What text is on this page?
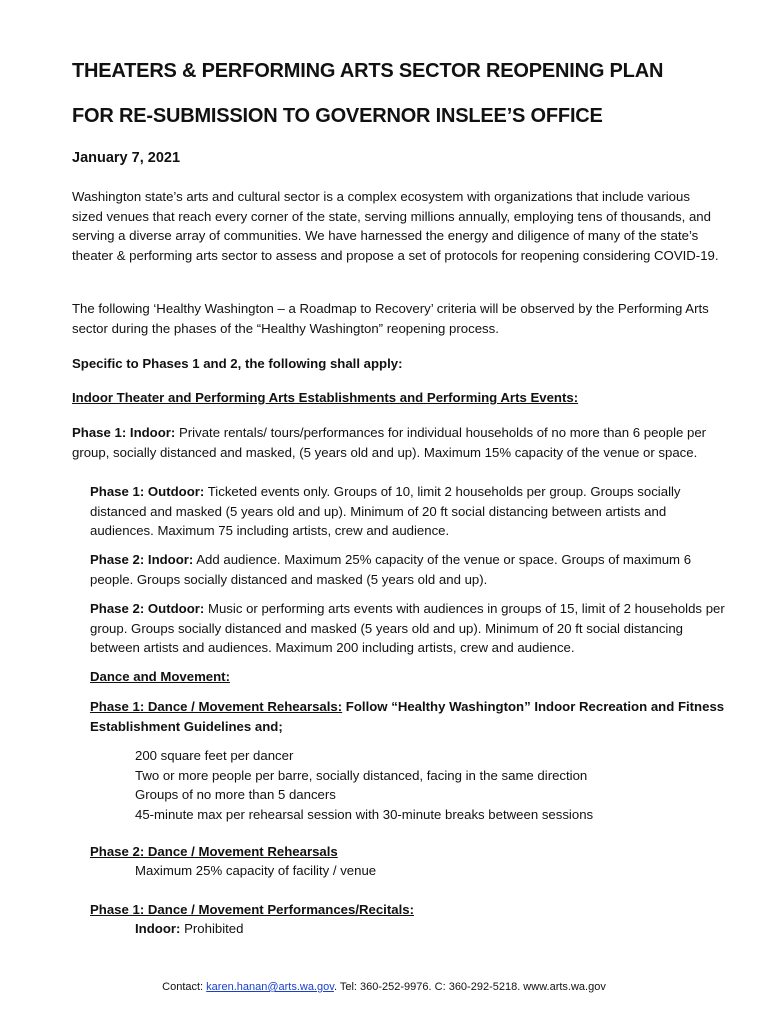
THEATERS & PERFORMING ARTS SECTOR REOPENING PLAN
FOR RE-SUBMISSION TO GOVERNOR INSLEE’S OFFICE
January 7, 2021
Washington state’s arts and cultural sector is a complex ecosystem with organizations that include various sized venues that reach every corner of the state, serving millions annually, employing tens of thousands, and serving a diverse array of communities. We have harnessed the energy and diligence of many of the state’s theater & performing arts sector to assess and propose a set of protocols for reopening considering COVID-19.
The following ‘Healthy Washington – a Roadmap to Recovery’ criteria will be observed by the Performing Arts sector during the phases of the “Healthy Washington” reopening process.
Specific to Phases 1 and 2, the following shall apply:
Indoor Theater and Performing Arts Establishments and Performing Arts Events:
Phase 1: Indoor: Private rentals/ tours/performances for individual households of no more than 6 people per group, socially distanced and masked, (5 years old and up). Maximum 15% capacity of the venue or space.
Phase 1: Outdoor: Ticketed events only. Groups of 10, limit 2 households per group. Groups socially distanced and masked (5 years old and up). Minimum of 20 ft social distancing between artists and audiences. Maximum 75 including artists, crew and audience.
Phase 2: Indoor: Add audience. Maximum 25% capacity of the venue or space. Groups of maximum 6 people. Groups socially distanced and masked (5 years old and up).
Phase 2: Outdoor: Music or performing arts events with audiences in groups of 15, limit of 2 households per group. Groups socially distanced and masked (5 years old and up). Minimum of 20 ft social distancing between artists and audiences. Maximum 200 including artists, crew and audience.
Dance and Movement:
Phase 1: Dance / Movement Rehearsals: Follow “Healthy Washington” Indoor Recreation and Fitness Establishment Guidelines and;
200 square feet per dancer
Two or more people per barre, socially distanced, facing in the same direction
Groups of no more than 5 dancers
45-minute max per rehearsal session with 30-minute breaks between sessions
Phase 2: Dance / Movement Rehearsals
Maximum 25% capacity of facility / venue
Phase 1: Dance / Movement Performances/Recitals:
Indoor: Prohibited
Contact: karen.hanan@arts.wa.gov. Tel: 360-252-9976. C: 360-292-5218. www.arts.wa.gov
